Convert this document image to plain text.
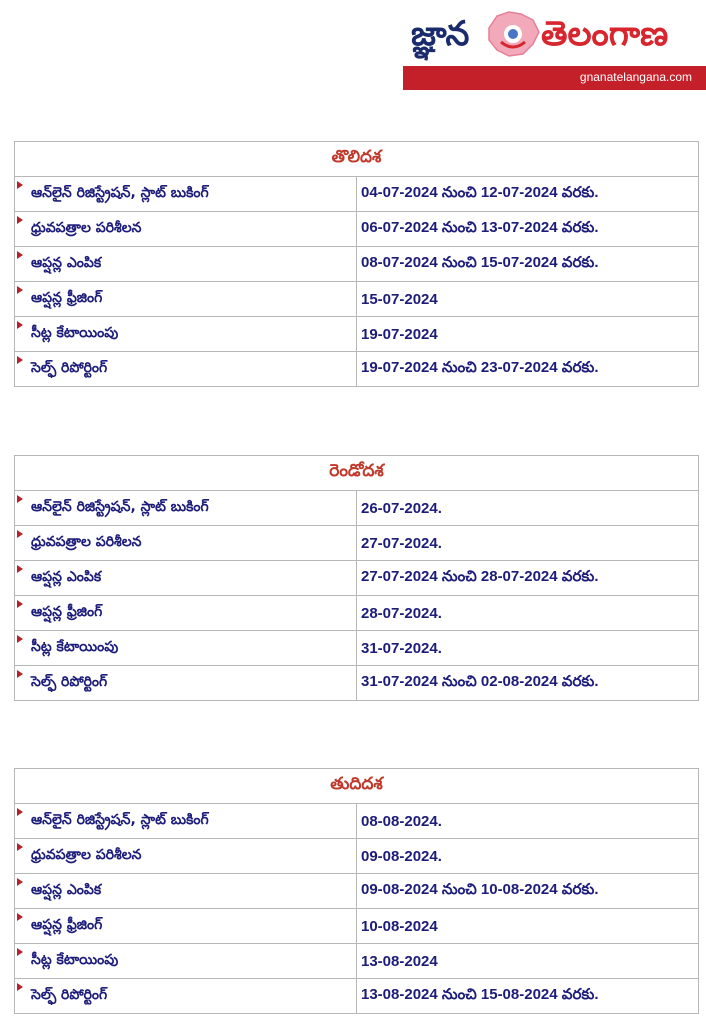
జ్ఞాన తెలంగాణ
gnanatelangana.com
తొలిదశ	

ఆన్‌లైన్ రిజిస్ట్రేషన్, స్లాట్ బుకింగ్	04-07-2024 నుంచి 12-07-2024 వరకు.

ధ్రువపత్రాల పరిశీలన	06-07-2024 నుంచి 13-07-2024 వరకు.

ఆప్షన్ల ఎంపిక	08-07-2024 నుంచి 15-07-2024 వరకు.

ఆప్షన్ల ఫ్రీజింగ్	15-07-2024

సీట్ల కేటాయింపు	19-07-2024

సెల్ఫ్ రిపోర్టింగ్	19-07-2024 నుంచి 23-07-2024 వరకు.
రెండోదశ	

ఆన్‌లైన్ రిజిస్ట్రేషన్, స్లాట్ బుకింగ్	26-07-2024.

ధ్రువపత్రాల పరిశీలన	27-07-2024.

ఆప్షన్ల ఎంపిక	27-07-2024 నుంచి 28-07-2024 వరకు.

ఆప్షన్ల ఫ్రీజింగ్	28-07-2024.

సీట్ల కేటాయింపు	31-07-2024.

సెల్ఫ్ రిపోర్టింగ్	31-07-2024 నుంచి 02-08-2024 వరకు.
తుదిదశ	

ఆన్‌లైన్ రిజిస్ట్రేషన్, స్లాట్ బుకింగ్	08-08-2024.

ధ్రువపత్రాల పరిశీలన	09-08-2024.

ఆప్షన్ల ఎంపిక	09-08-2024 నుంచి 10-08-2024 వరకు.

ఆప్షన్ల ఫ్రీజింగ్	10-08-2024

సీట్ల కేటాయింపు	13-08-2024

సెల్ఫ్ రిపోర్టింగ్	13-08-2024 నుంచి 15-08-2024 వరకు.
